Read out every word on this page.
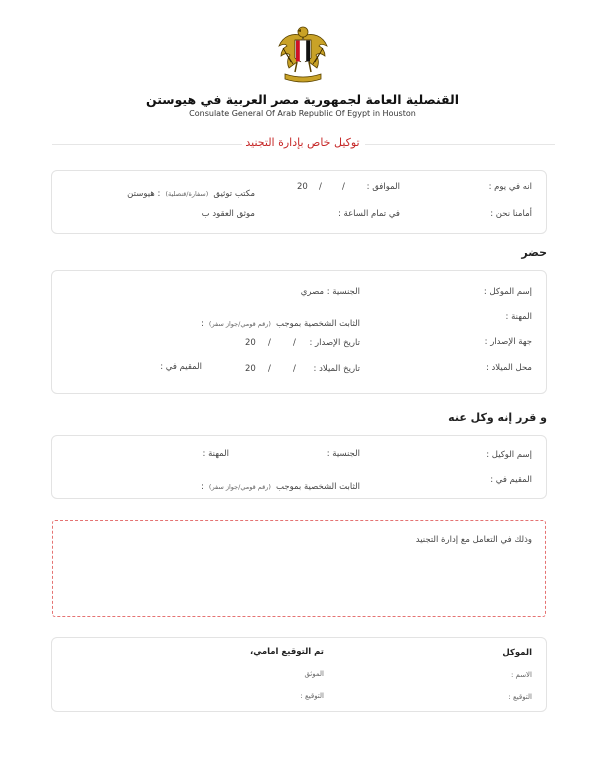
القنصلية العامة لجمهورية مصر العربية في هيوستن
Consulate General Of Arab Republic Of Egypt in Houston
توكيل خاص بإدارة التجنيد
انه في يوم :
الموافق :
/
/
20
مكتب توثيق (سفارة/قنصلية) : هيوستن
أمامنا نحن :
في تمام الساعة :
موثق العقود ب
حضر
إسم الموكل :
الجنسية : مصري
المهنة :
الثابت الشخصية بموجب (رقم قومي/جواز سفر) :
جهة الإصدار :
تاريخ الإصدار :
/
/
20
محل الميلاد :
تاريخ الميلاد :
/
/
20
المقيم في :
و قرر إنه وكل عنه
إسم الوكيل :
الجنسية :
المهنة :
المقيم في :
الثابت الشخصية بموجب (رقم قومي/جواز سفر) :
وذلك في التعامل مع إدارة التجنيد
الموكل
تم التوقيع امامي،
الاسم :
الموثق
التوقيع :
التوقيع :
